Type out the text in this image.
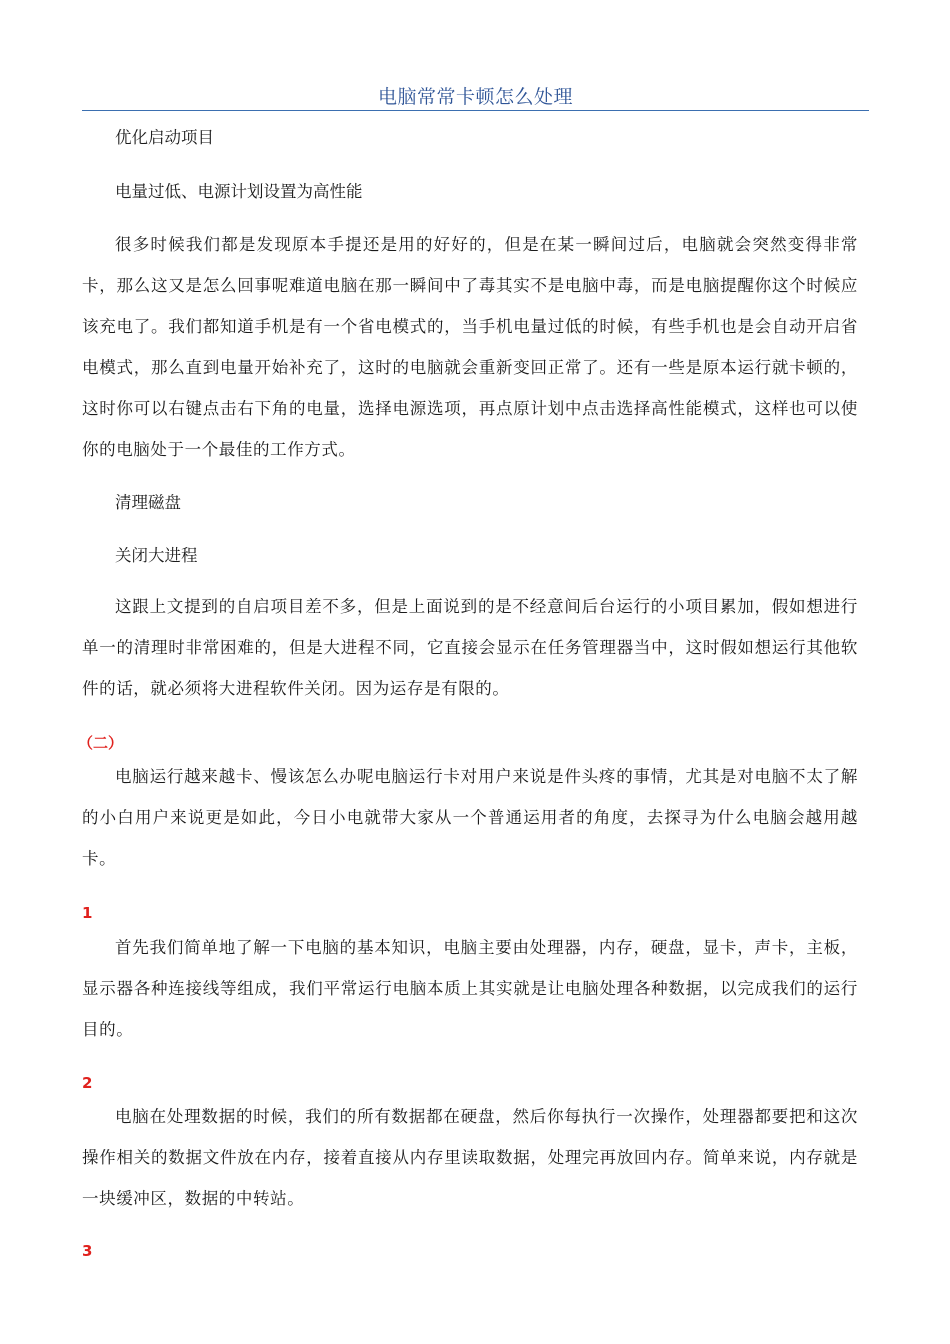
电脑常常卡顿怎么处理
优化启动项目
电量过低、电源计划设置为高性能
很多时候我们都是发现原本手提还是用的好好的，但是在某一瞬间过后，电脑就会突然变得非常卡，那么这又是怎么回事呢难道电脑在那一瞬间中了毒其实不是电脑中毒，而是电脑提醒你这个时候应该充电了。我们都知道手机是有一个省电模式的，当手机电量过低的时候，有些手机也是会自动开启省电模式，那么直到电量开始补充了，这时的电脑就会重新变回正常了。还有一些是原本运行就卡顿的，这时你可以右键点击右下角的电量，选择电源选项，再点原计划中点击选择高性能模式，这样也可以使你的电脑处于一个最佳的工作方式。
清理磁盘
关闭大进程
这跟上文提到的自启项目差不多，但是上面说到的是不经意间后台运行的小项目累加，假如想进行单一的清理时非常困难的，但是大进程不同，它直接会显示在任务管理器当中，这时假如想运行其他软件的话，就必须将大进程软件关闭。因为运存是有限的。
（二）
电脑运行越来越卡、慢该怎么办呢电脑运行卡对用户来说是件头疼的事情，尤其是对电脑不太了解的小白用户来说更是如此，今日小电就带大家从一个普通运用者的角度，去探寻为什么电脑会越用越卡。
1
首先我们简单地了解一下电脑的基本知识，电脑主要由处理器，内存，硬盘，显卡，声卡，主板，显示器各种连接线等组成，我们平常运行电脑本质上其实就是让电脑处理各种数据，以完成我们的运行目的。
2
电脑在处理数据的时候，我们的所有数据都在硬盘，然后你每执行一次操作，处理器都要把和这次操作相关的数据文件放在内存，接着直接从内存里读取数据，处理完再放回内存。简单来说，内存就是一块缓冲区，数据的中转站。
3
